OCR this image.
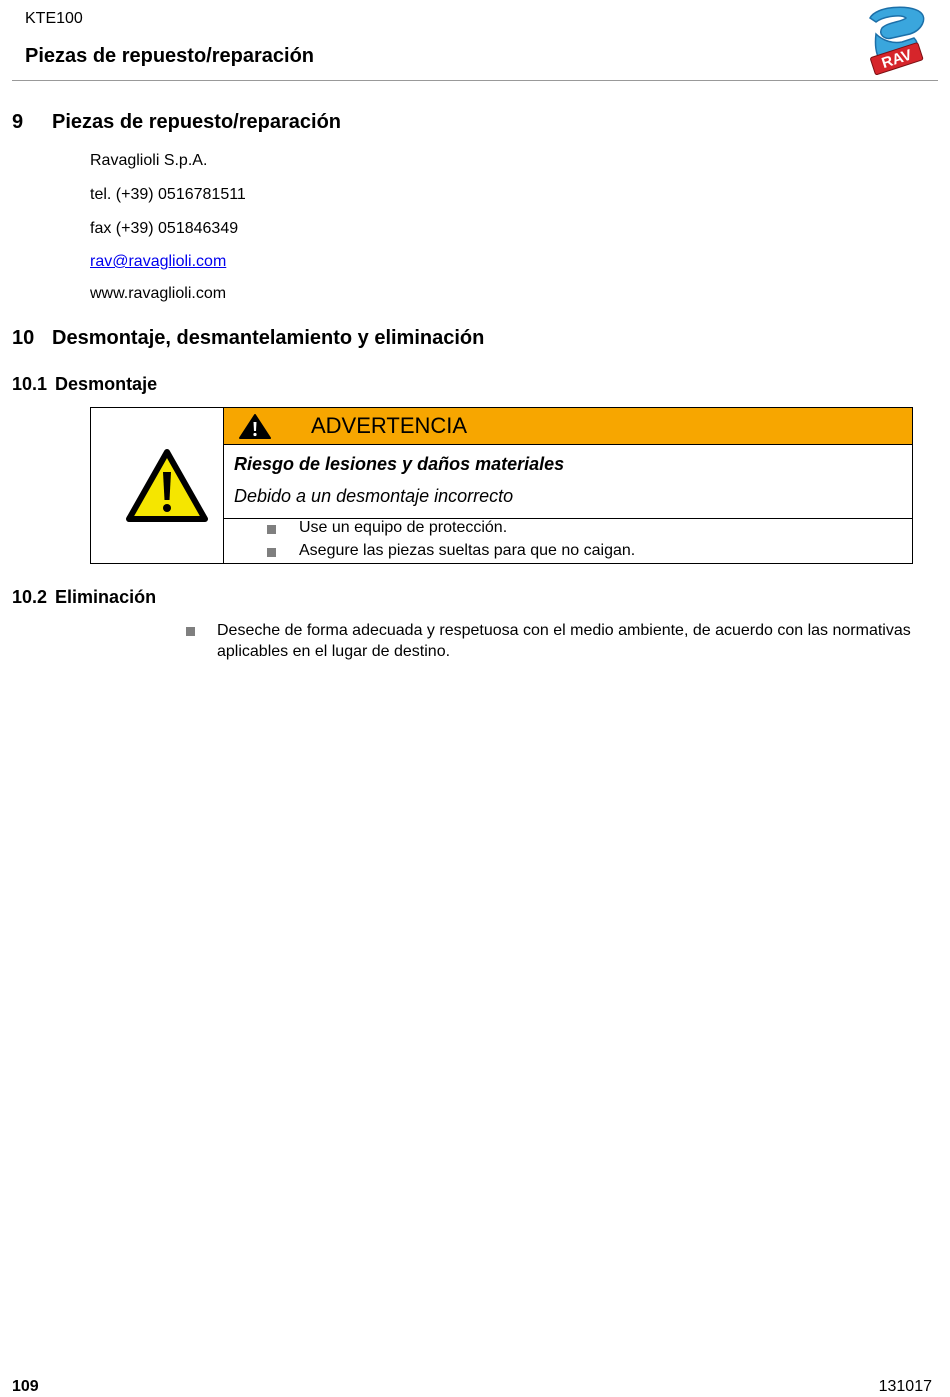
KTE100
Piezas de repuesto/reparación	RAV
9 Piezas de repuesto/reparación
Ravaglioli S.p.A.
tel. (+39) 0516781511
fax (+39) 051846349
rav@ravaglioli.com
www.ravaglioli.com
10 Desmontaje, desmantelamiento y eliminación
10.1 Desmontaje
ADVERTENCIA
Riesgo de lesiones y daños materiales
Debido a un desmontaje incorrecto
Use un equipo de protección.
Asegure las piezas sueltas para que no caigan.
10.2 Eliminación
Deseche de forma adecuada y respetuosa con el medio ambiente, de acuerdo con las normativas aplicables en el lugar de destino.
109	131017
